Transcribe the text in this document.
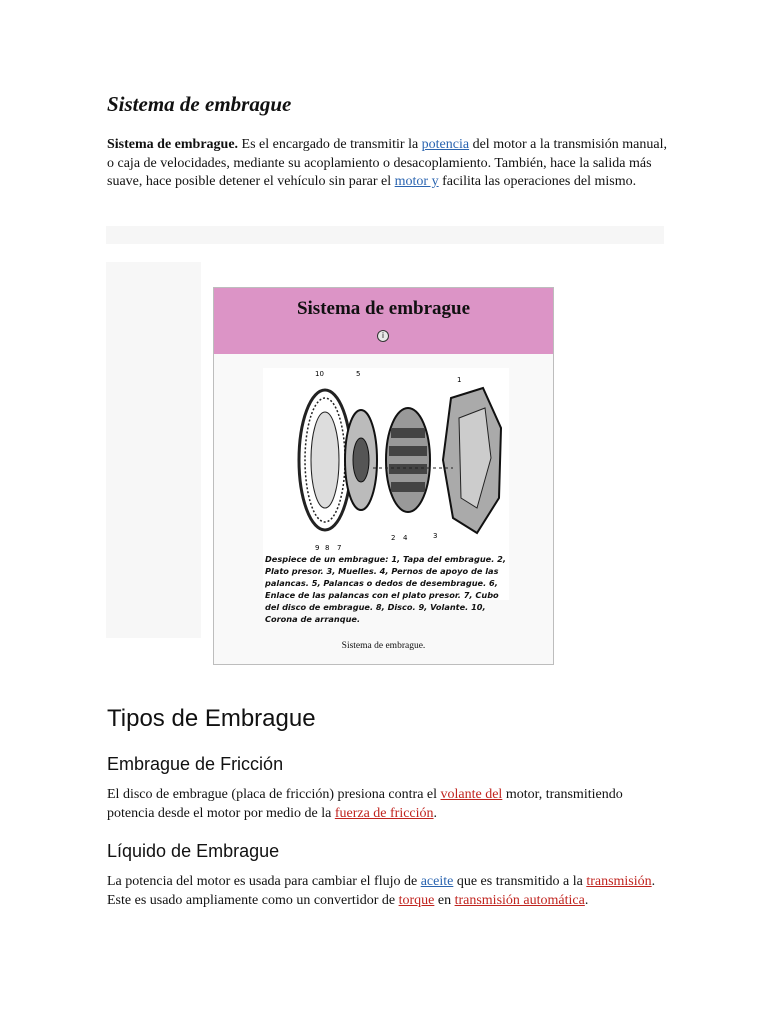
Sistema de embrague

Sistema de embrague. Es el encargado de transmitir la potencia del motor a la transmisión manual, o caja de velocidades, mediante su acoplamiento o desacoplamiento. También, hace la salida más suave, hace posible detener el vehículo sin parar el motor y facilita las operaciones del mismo.

Sistema de embrague
i
10	5
1
9 8 7
2 4	3
Despiece de un embrague: 1, Tapa del embrague. 2, Plato presor. 3, Muelles. 4, Pernos de apoyo de las palancas. 5, Palancas o dedos de desembrague. 6, Enlace de las palancas con el plato presor. 7, Cubo del disco de embrague. 8, Disco. 9, Volante. 10, Corona de arranque.
Sistema de embrague.
Tipos de Embrague
Embrague de Fricción

El disco de embrague (placa de fricción) presiona contra el volante del motor, transmitiendo potencia desde el motor por medio de la fuerza de fricción.

Líquido de Embrague

La potencia del motor es usada para cambiar el flujo de aceite que es transmitido a la transmisión. Este es usado ampliamente como un convertidor de torque en transmisión automática.
